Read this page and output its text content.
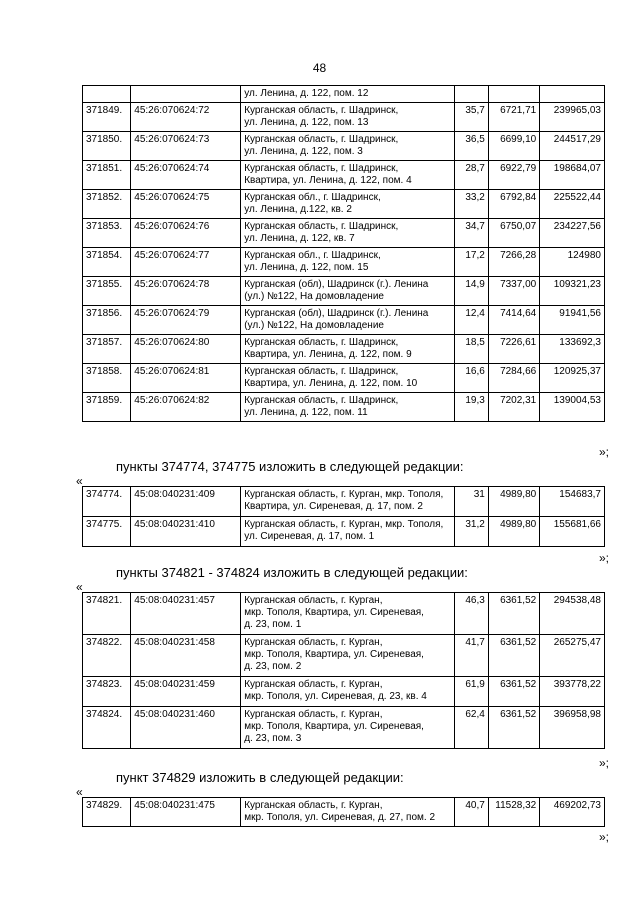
48
		ул. Ленина, д. 122, пом. 12			
371849.	45:26:070624:72	Курганская область, г. Шадринск,
ул. Ленина, д. 122, пом. 13	35,7	6721,71	239965,03
371850.	45:26:070624:73	Курганская область, г. Шадринск,
ул. Ленина, д. 122, пом. 3	36,5	6699,10	244517,29
371851.	45:26:070624:74	Курганская область, г. Шадринск,
Квартира, ул. Ленина, д. 122, пом. 4	28,7	6922,79	198684,07
371852.	45:26:070624:75	Курганская обл., г. Шадринск,
ул. Ленина, д.122, кв. 2	33,2	6792,84	225522,44
371853.	45:26:070624:76	Курганская область, г. Шадринск,
ул. Ленина, д. 122, кв. 7	34,7	6750,07	234227,56
371854.	45:26:070624:77	Курганская обл., г. Шадринск,
ул. Ленина, д. 122, пом. 15	17,2	7266,28	124980
371855.	45:26:070624:78	Курганская (обл), Шадринск (г.). Ленина
(ул.) №122, На домовладение	14,9	7337,00	109321,23
371856.	45:26:070624:79	Курганская (обл), Шадринск (г.). Ленина
(ул.) №122, На домовладение	12,4	7414,64	91941,56
371857.	45:26:070624:80	Курганская область, г. Шадринск,
Квартира, ул. Ленина, д. 122, пом. 9	18,5	7226,61	133692,3
371858.	45:26:070624:81	Курганская область, г. Шадринск,
Квартира, ул. Ленина, д. 122, пом. 10	16,6	7284,66	120925,37
371859.	45:26:070624:82	Курганская область, г. Шадринск,
ул. Ленина, д. 122, пом. 11	19,3	7202,31	139004,53
»;
пункты 374774, 374775 изложить в следующей редакции:
«
374774.	45:08:040231:409	Курганская область, г. Курган, мкр. Тополя,
Квартира, ул. Сиреневая, д. 17, пом. 2	31	4989,80	154683,7
374775.	45:08:040231:410	Курганская область, г. Курган, мкр. Тополя,
ул. Сиреневая, д. 17, пом. 1	31,2	4989,80	155681,66
»;
пункты 374821 - 374824 изложить в следующей редакции:
«
374821.	45:08:040231:457	Курганская область, г. Курган,
мкр. Тополя, Квартира, ул. Сиреневая,
д. 23, пом. 1	46,3	6361,52	294538,48
374822.	45:08:040231:458	Курганская область, г. Курган,
мкр. Тополя, Квартира, ул. Сиреневая,
д. 23, пом. 2	41,7	6361,52	265275,47
374823.	45:08:040231:459	Курганская область, г. Курган,
мкр. Тополя, ул. Сиреневая, д. 23, кв. 4	61,9	6361,52	393778,22
374824.	45:08:040231:460	Курганская область, г. Курган,
мкр. Тополя, Квартира, ул. Сиреневая,
д. 23, пом. 3	62,4	6361,52	396958,98
»;
пункт 374829 изложить в следующей редакции:
«
374829.	45:08:040231:475	Курганская область, г. Курган,
мкр. Тополя, ул. Сиреневая, д. 27, пом. 2	40,7	11528,32	469202,73
»;
